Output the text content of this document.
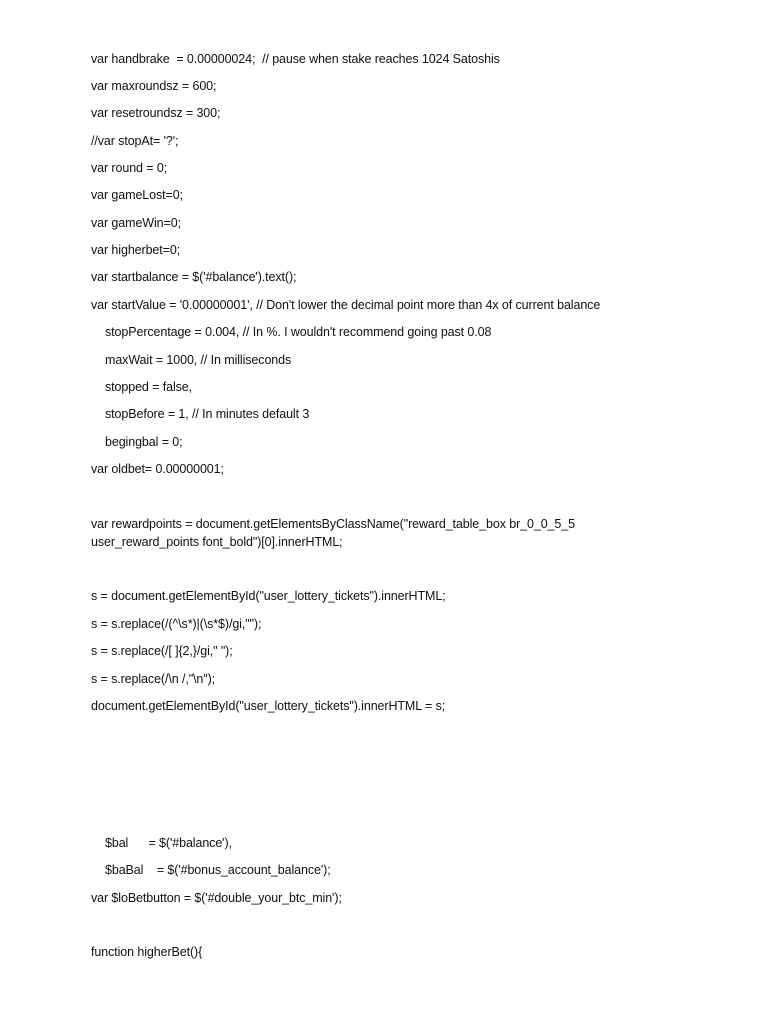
var handbrake  = 0.00000024;  // pause when stake reaches 1024 Satoshis
var maxroundsz = 600;
var resetroundsz = 300;
//var stopAt= '?';
var round = 0;
var gameLost=0;
var gameWin=0;
var higherbet=0;
var startbalance = $('#balance').text();
var startValue = '0.00000001', // Don't lower the decimal point more than 4x of current balance
stopPercentage = 0.004, // In %. I wouldn't recommend going past 0.08
maxWait = 1000, // In milliseconds
stopped = false,
stopBefore = 1, // In minutes default 3
begingbal = 0;
var oldbet= 0.00000001;
var rewardpoints = document.getElementsByClassName("reward_table_box br_0_0_5_5
user_reward_points font_bold")[0].innerHTML;
s = document.getElementById("user_lottery_tickets").innerHTML;
s = s.replace(/(^\s*)|(\s*$)/gi,"");
s = s.replace(/[ ]{2,}/gi," ");
s = s.replace(/\n /,"\n");
document.getElementById("user_lottery_tickets").innerHTML = s;
$bal      = $('#balance'),
$baBal    = $('#bonus_account_balance');
var $loBetbutton = $('#double_your_btc_min');
function higherBet(){
